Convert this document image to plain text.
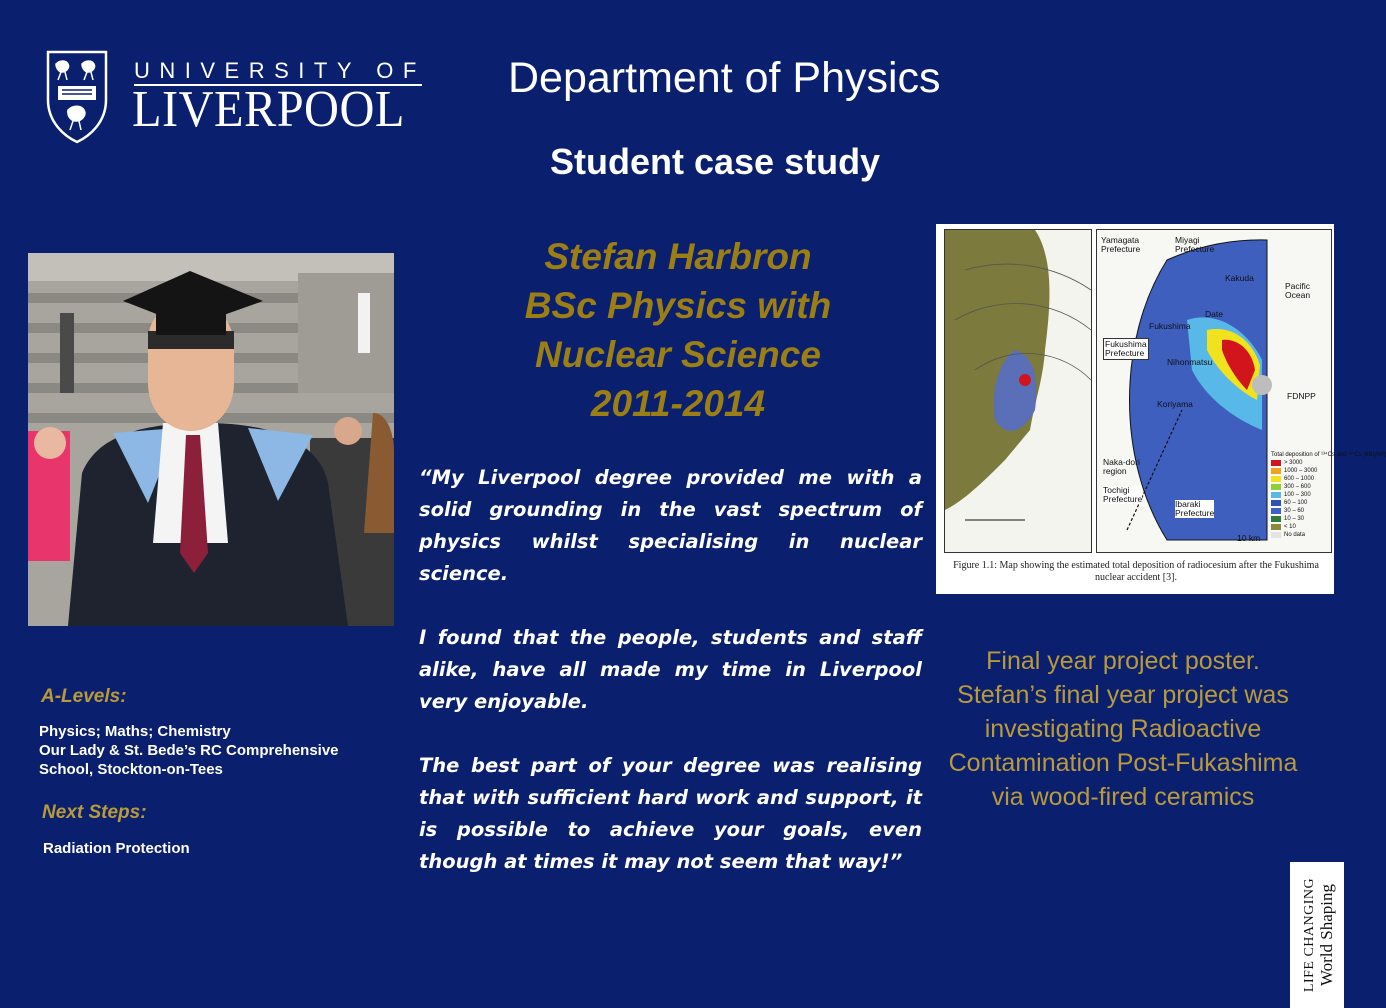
UNIVERSITY OF
LIVERPOOL
Department of Physics
Student case study
Stefan Harbron
BSc Physics with
Nuclear Science
2011-2014

“My Liverpool degree provided me with a solid grounding in the vast spectrum of physics whilst specialising in nuclear science.

I found that the people, students and staff alike, have all made my time in Liverpool very enjoyable.

The best part of your degree was realising that with sufficient hard work and support, it is possible to achieve your goals, even though at times it may not seem that way!”

A-Levels:
Physics; Maths; Chemistry
Our Lady & St. Bede’s RC Comprehensive
School, Stockton-on-Tees
Next Steps:
Radiation Protection
Yamagata
Prefecture
Miyagi
Prefecture
Pacific
Ocean
Kakuda
Date
Fukushima
Fukushima
Prefecture
Nihonmatsu
FDNPP
Koriyama
Naka-dori
region
Tochigi
Prefecture	Ibaraki
Prefecture
10 km
Total deposition of ¹³⁴Cs and ¹³⁷Cs (kBq/m²)
> 3000
1000 – 3000
600 – 1000
300 – 600
100 – 300
60 – 100
30 – 60
10 – 30
< 10
No data
Figure 1.1: Map showing the estimated total deposition of radiocesium after the Fukushima nuclear accident [3].
Final year project poster. Stefan’s final year project was investigating Radioactive Contamination Post-Fukashima via wood-fired ceramics
LIFE CHANGING World Shaping
